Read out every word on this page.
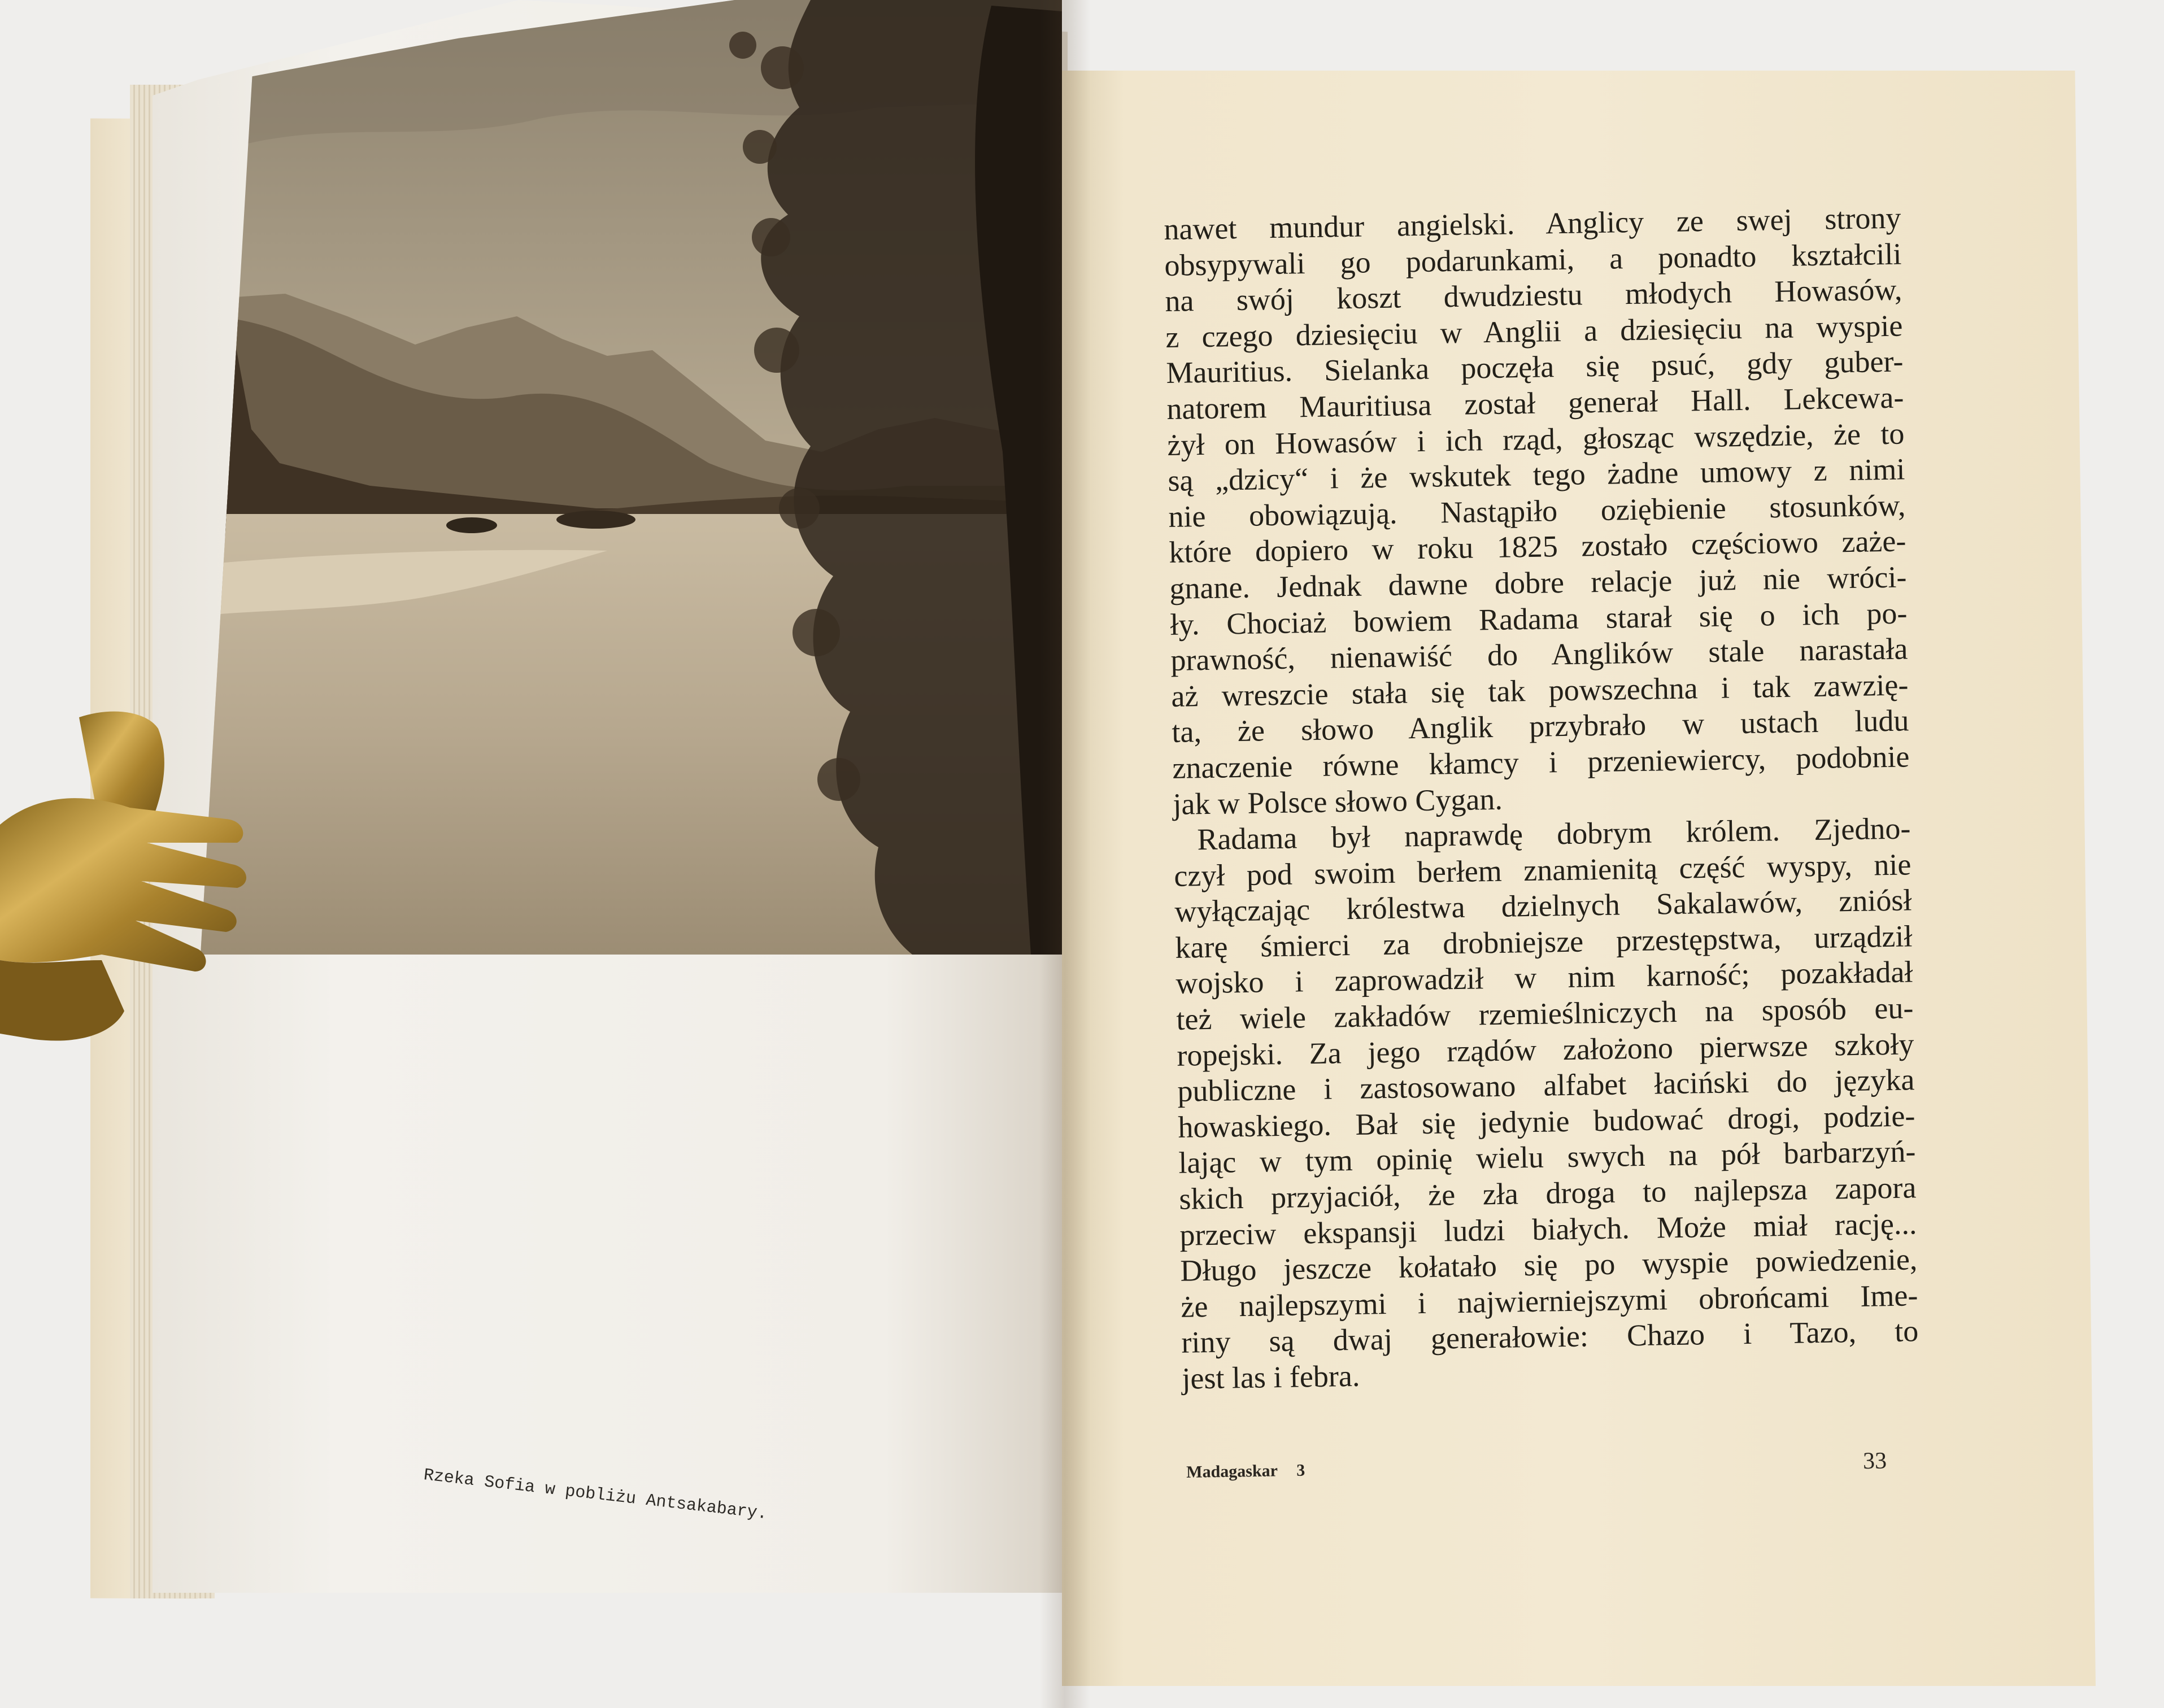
Rzeka Sofia w pobliżu Antsakabary.
nawet mundur angielski. Anglicy ze swej strony
obsypywali go podarunkami, a ponadto kształcili
na swój koszt dwudziestu młodych Howasów,
z czego dziesięciu w Anglii a dziesięciu na wyspie
Mauritius. Sielanka poczęła się psuć, gdy guber-
natorem Mauritiusa został generał Hall. Lekcewa-
żył on Howasów i ich rząd, głosząc wszędzie, że to
są „dzicy“ i że wskutek tego żadne umowy z nimi
nie obowiązują. Nastąpiło oziębienie stosunków,
które dopiero w roku 1825 zostało częściowo zaże-
gnane. Jednak dawne dobre relacje już nie wróci-
ły. Chociaż bowiem Radama starał się o ich po-
prawność, nienawiść do Anglików stale narastała
aż wreszcie stała się tak powszechna i tak zawzię-
ta, że słowo Anglik przybrało w ustach ludu
znaczenie równe kłamcy i przeniewiercy, podobnie
jak w Polsce słowo Cygan.
Radama był naprawdę dobrym królem. Zjedno-
czył pod swoim berłem znamienitą część wyspy, nie
wyłączając królestwa dzielnych Sakalawów, zniósł
karę śmierci za drobniejsze przestępstwa, urządził
wojsko i zaprowadził w nim karność; pozakładał
też wiele zakładów rzemieślniczych na sposób eu-
ropejski. Za jego rządów założono pierwsze szkoły
publiczne i zastosowano alfabet łaciński do języka
howaskiego. Bał się jedynie budować drogi, podzie-
lając w tym opinię wielu swych na pół barbarzyń-
skich przyjaciół, że zła droga to najlepsza zapora
przeciw ekspansji ludzi białych. Może miał rację...
Długo jeszcze kołatało się po wyspie powiedzenie,
że najlepszymi i najwierniejszymi obrońcami Ime-
riny są dwaj generałowie: Chazo i Tazo, to
jest las i febra.
Madagaskar 3	33
